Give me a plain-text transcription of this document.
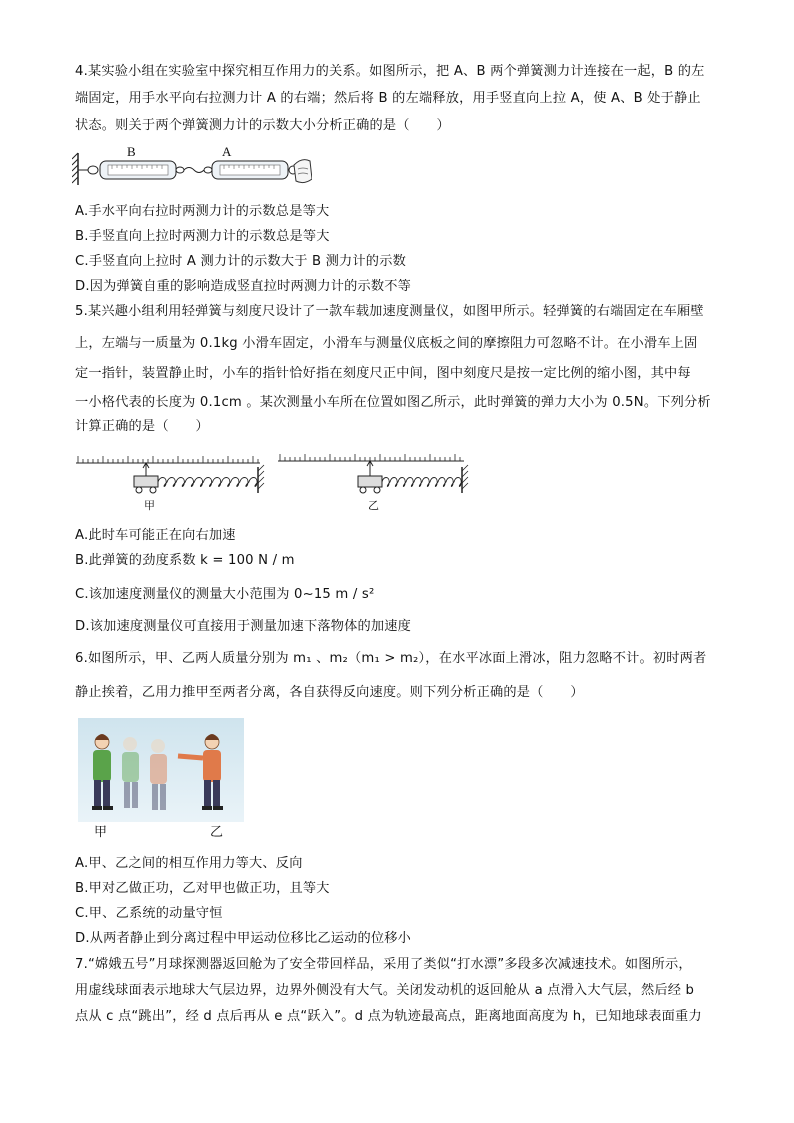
4.某实验小组在实验室中探究相互作用力的关系。如图所示，把 A、B 两个弹簧测力计连接在一起，B 的左
端固定，用手水平向右拉测力计 A 的右端；然后将 B 的左端释放，用手竖直向上拉 A，使 A、B 处于静止
状态。则关于两个弹簧测力计的示数大小分析正确的是（　　）
B	A
A.手水平向右拉时两测力计的示数总是等大
B.手竖直向上拉时两测力计的示数总是等大
C.手竖直向上拉时 A 测力计的示数大于 B 测力计的示数
D.因为弹簧自重的影响造成竖直拉时两测力计的示数不等
5.某兴趣小组利用轻弹簧与刻度尺设计了一款车载加速度测量仪，如图甲所示。轻弹簧的右端固定在车厢壁
上，左端与一质量为 0.1kg 小滑车固定，小滑车与测量仪底板之间的摩擦阻力可忽略不计。在小滑车上固
定一指针，装置静止时，小车的指针恰好指在刻度尺正中间，图中刻度尺是按一定比例的缩小图，其中每
一小格代表的长度为 0.1cm 。某次测量小车所在位置如图乙所示，此时弹簧的弹力大小为 0.5N。下列分析
计算正确的是（　　）
甲	乙
A.此时车可能正在向右加速
B.此弹簧的劲度系数 k = 100 N / m
C.该加速度测量仪的测量大小范围为 0~15 m / s²
D.该加速度测量仪可直接用于测量加速下落物体的加速度
6.如图所示，甲、乙两人质量分别为 m₁ 、m₂（m₁ > m₂），在水平冰面上滑冰，阻力忽略不计。初时两者
静止挨着，乙用力推甲至两者分离，各自获得反向速度。则下列分析正确的是（　　）
甲	乙
A.甲、乙之间的相互作用力等大、反向
B.甲对乙做正功，乙对甲也做正功，且等大
C.甲、乙系统的动量守恒
D.从两者静止到分离过程中甲运动位移比乙运动的位移小
7.“嫦娥五号”月球探测器返回舱为了安全带回样品，采用了类似“打水漂”多段多次减速技术。如图所示，
用虚线球面表示地球大气层边界，边界外侧没有大气。关闭发动机的返回舱从 a 点滑入大气层，然后经 b
点从 c 点“跳出”，经 d 点后再从 e 点“跃入”。d 点为轨迹最高点，距离地面高度为 h，已知地球表面重力
